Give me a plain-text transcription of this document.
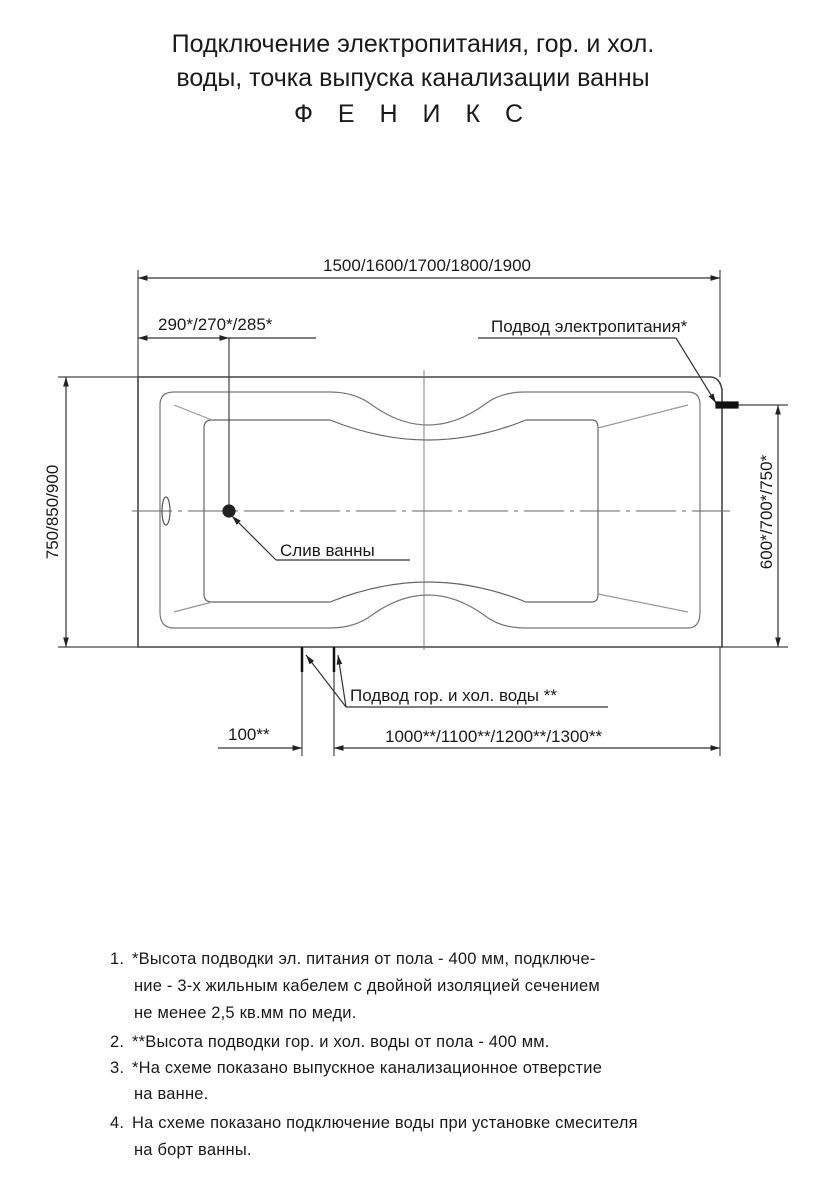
Подключение электропитания, гор. и хол.
воды, точка выпуска канализации ванны
Ф Е Н И К С
1500/1600/1700/1800/1900
290*/270*/285*
750/850/900	600*/700*/750*
Подвод электропитания*
Слив ванны
Подвод гор. и хол. воды **
100**	1000**/1100**/1200**/1300**
1. *Высота подводки эл. питания от пола - 400 мм, подключе-
ние - 3-х жильным кабелем с двойной изоляцией сечением
не менее 2,5 кв.мм по меди.
2. **Высота подводки гор. и хол. воды от пола - 400 мм.
3. *На схеме показано выпускное канализационное отверстие
на ванне.
4. На схеме показано подключение воды при установке смесителя
на борт ванны.
